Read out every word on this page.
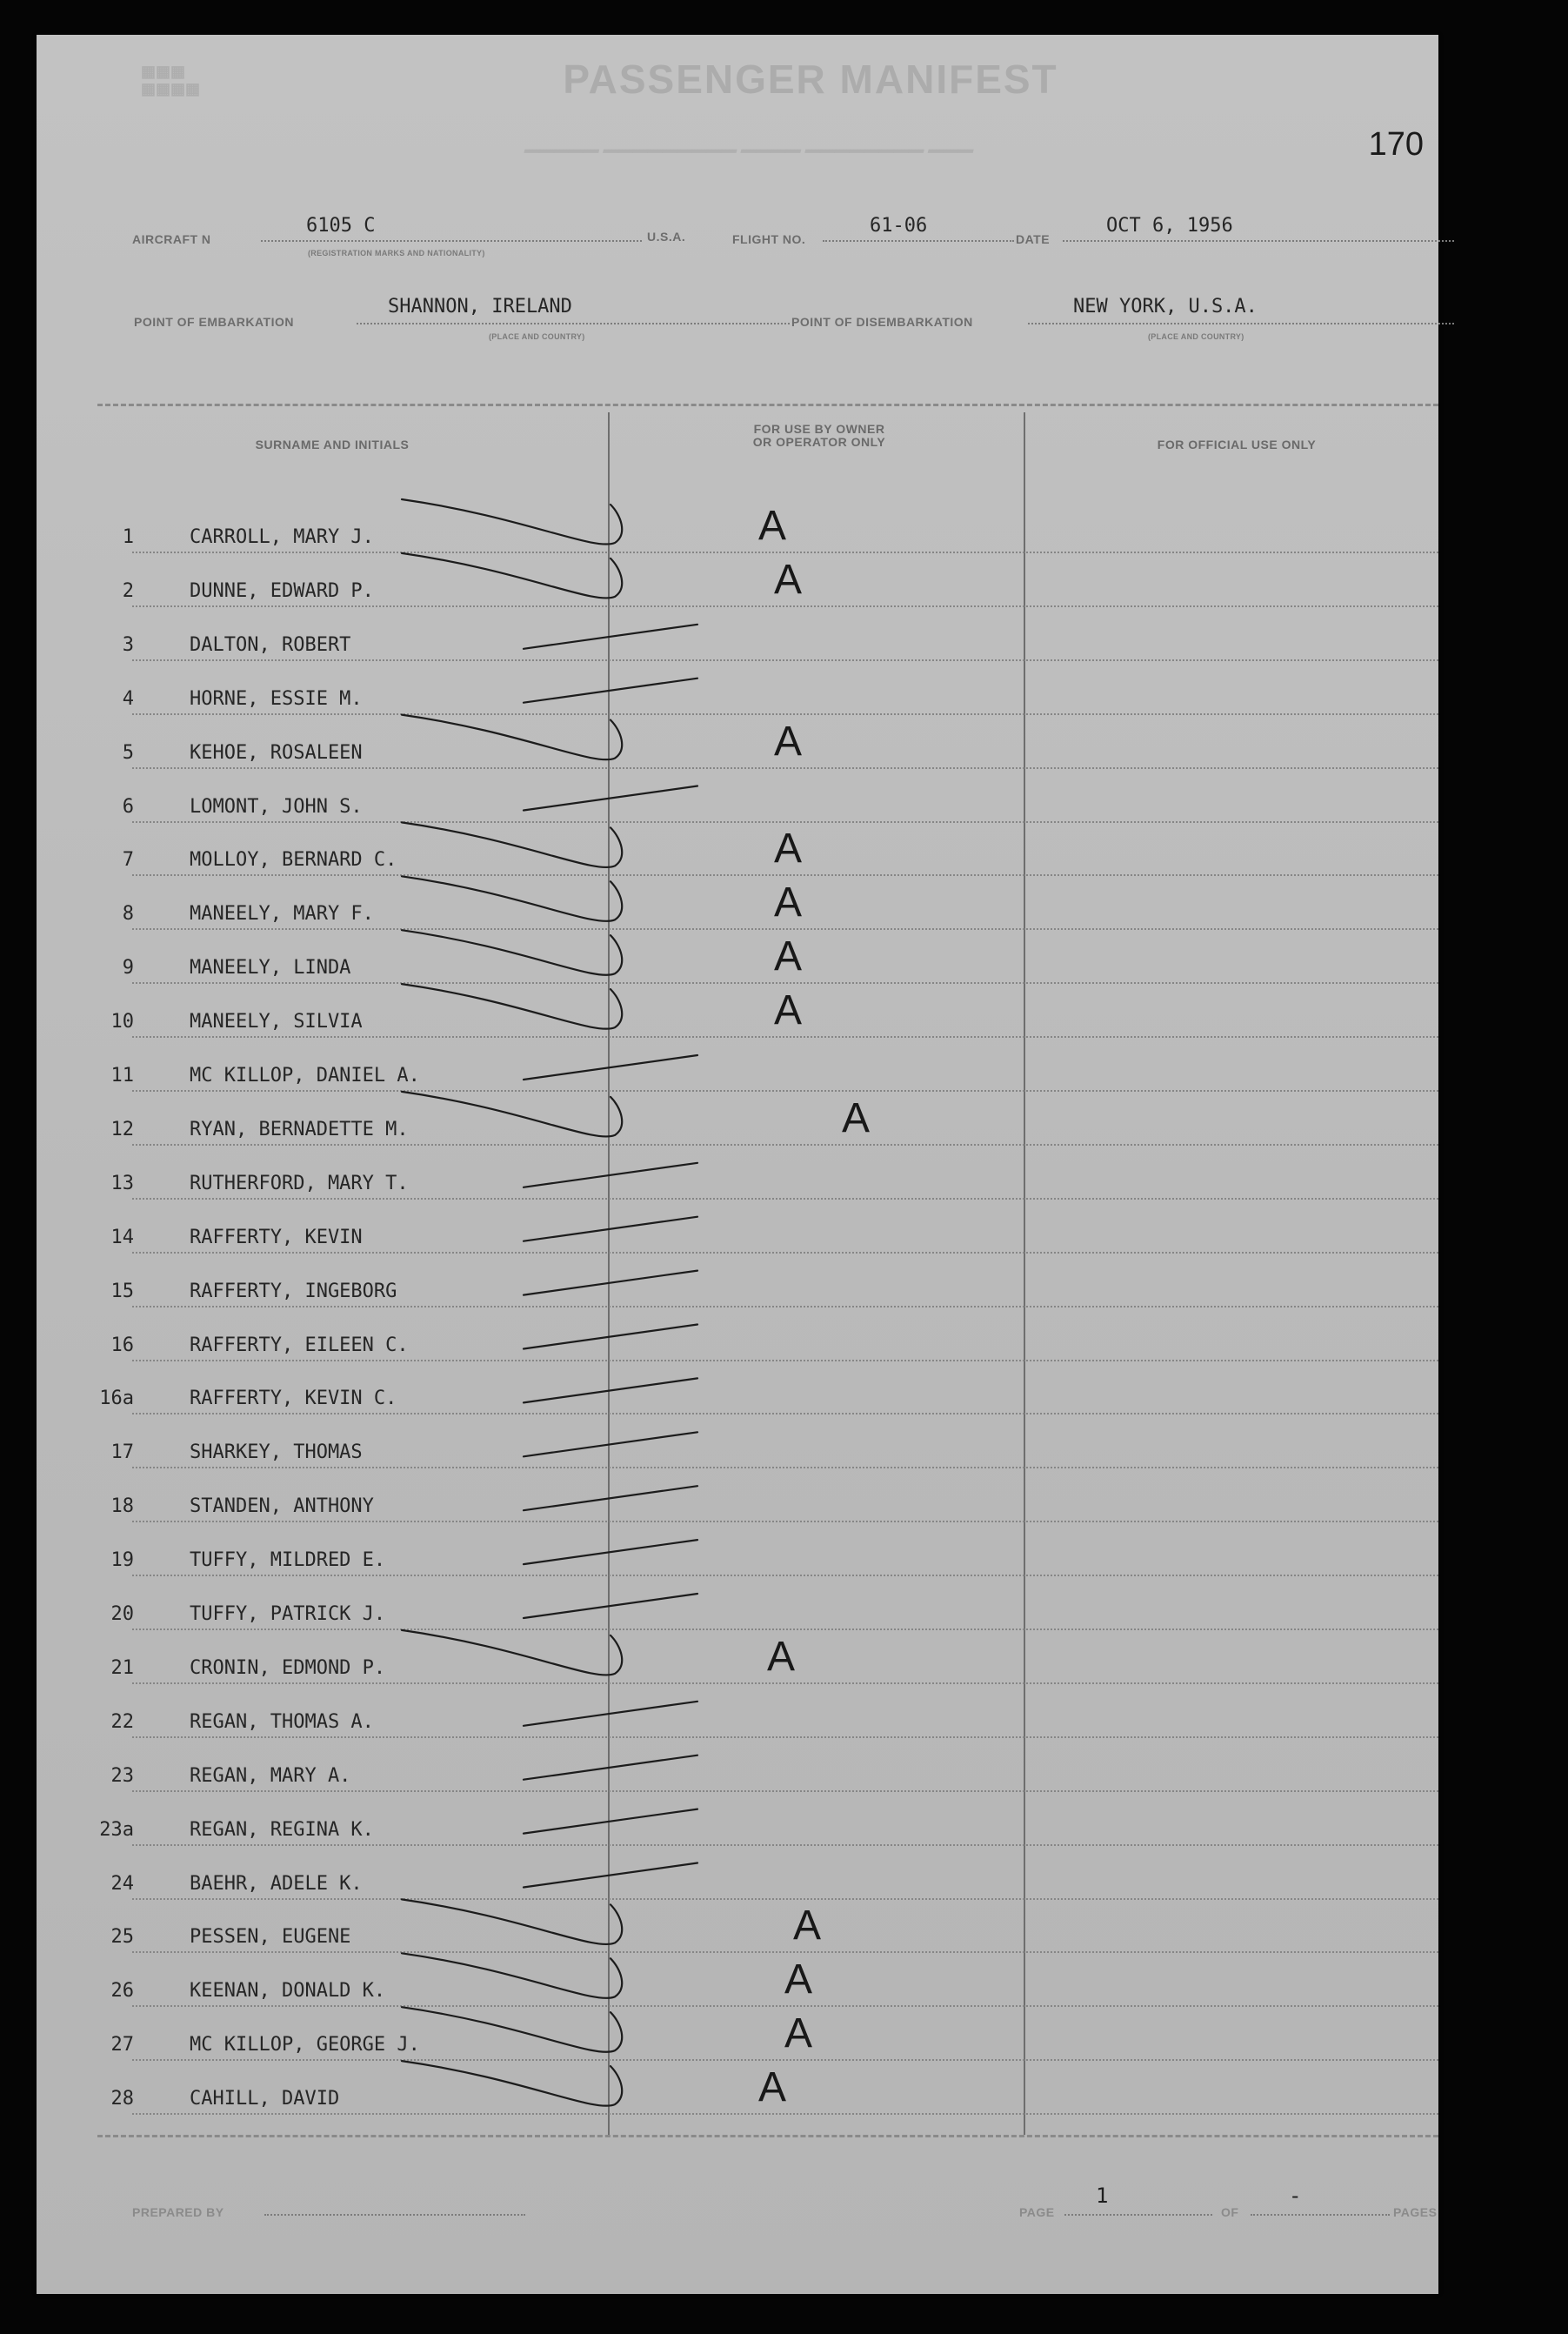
▦▦▦
▦▦▦▦	PASSENGER MANIFEST
▁▁▁▁▁ ▁▁▁▁▁▁▁▁▁ ▁▁▁▁ ▁▁▁▁▁▁▁▁ ▁▁▁	170
AIRCRAFT N
6105 C
(REGISTRATION MARKS AND NATIONALITY)
U.S.A.	FLIGHT NO.
61-06
DATE
OCT 6, 1956
POINT OF EMBARKATION
SHANNON, IRELAND
(PLACE AND COUNTRY)
POINT OF DISEMBARKATION
NEW YORK, U.S.A.
(PLACE AND COUNTRY)
SURNAME AND INITIALS
FOR USE BY OWNER
OR OPERATOR ONLY	FOR OFFICIAL USE ONLY
1	CARROLL, MARY J.	A
2	DUNNE, EDWARD P.	A
3	DALTON, ROBERT
4	HORNE, ESSIE M.
5	KEHOE, ROSALEEN	A
6	LOMONT, JOHN S.
7	MOLLOY, BERNARD C.	A
8	MANEELY, MARY F.	A
9	MANEELY, LINDA	A
10	MANEELY, SILVIA	A
11	MC KILLOP, DANIEL A.
12	RYAN, BERNADETTE M.	A
13	RUTHERFORD, MARY T.
14	RAFFERTY, KEVIN
15	RAFFERTY, INGEBORG
16	RAFFERTY, EILEEN C.
16a	RAFFERTY, KEVIN C.
17	SHARKEY, THOMAS
18	STANDEN, ANTHONY
19	TUFFY, MILDRED E.
20	TUFFY, PATRICK J.
21	CRONIN, EDMOND P.	A
22	REGAN, THOMAS A.
23	REGAN, MARY A.
23a	REGAN, REGINA K.
24	BAEHR, ADELE K.
25	PESSEN, EUGENE	A
26	KEENAN, DONALD K.	A
27	MC KILLOP, GEORGE J.	A
28	CAHILL, DAVID	A
PREPARED BY	PAGE
1
OF
-
PAGES
